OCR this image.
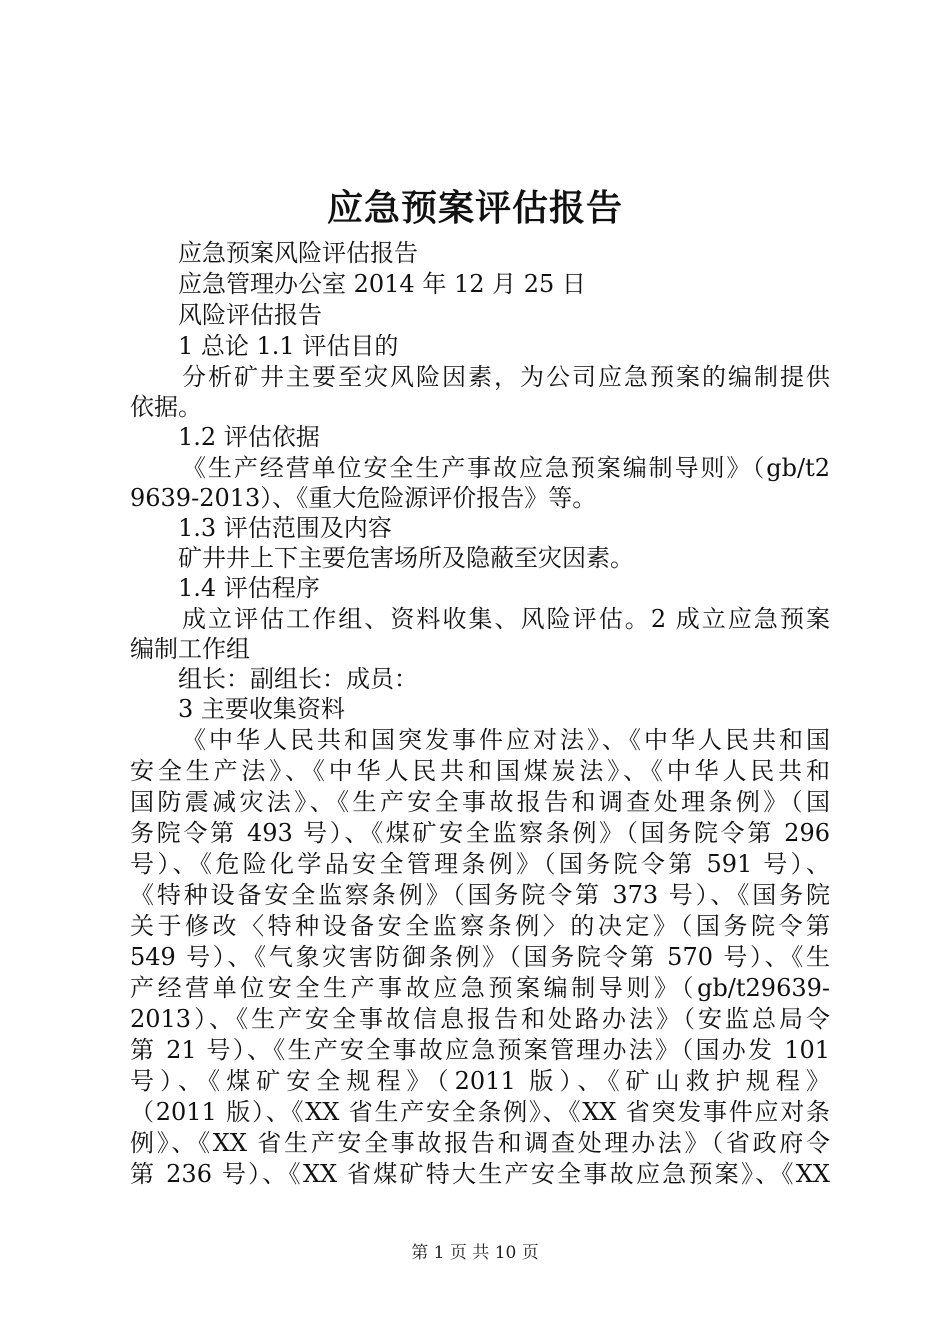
应急预案评估报告
应急预案风险评估报告
应急管理办公室 2014 年 12 月 25 日
风险评估报告
1 总论 1.1 评估目的
分析矿井主要至灾风险因素，为公司应急预案的编制提供
依据。
1.2 评估依据
《生产经营单位安全生产事故应急预案编制导则》（gb/t2
9639-2013）、《重大危险源评价报告》等。
1.3 评估范围及内容
矿井井上下主要危害场所及隐蔽至灾因素。
1.4 评估程序
成立评估工作组、资料收集、风险评估。2 成立应急预案
编制工作组
组长：副组长：成员：
3 主要收集资料
《中华人民共和国突发事件应对法》、《中华人民共和国
安全生产法》、《中华人民共和国煤炭法》、《中华人民共和
国防震减灾法》、《生产安全事故报告和调查处理条例》（国
务院令第 493 号）、《煤矿安全监察条例》（国务院令第 296
号）、《危险化学品安全管理条例》（国务院令第 591 号）、
《特种设备安全监察条例》（国务院令第 373 号）、《国务院
关于修改〈特种设备安全监察条例〉的决定》（国务院令第
549 号）、《气象灾害防御条例》（国务院令第 570 号）、《生
产经营单位安全生产事故应急预案编制导则》（gb/t29639-
2013）、《生产安全事故信息报告和处路办法》（安监总局令
第 21 号）、《生产安全事故应急预案管理办法》（国办发 101
号）、《煤矿安全规程》（2011 版）、《矿山救护规程》
（2011 版）、《XX 省生产安全条例》、《XX 省突发事件应对条
例》、《XX 省生产安全事故报告和调查处理办法》（省政府令
第 236 号）、《XX 省煤矿特大生产安全事故应急预案》、《XX
第 1 页 共 10 页
